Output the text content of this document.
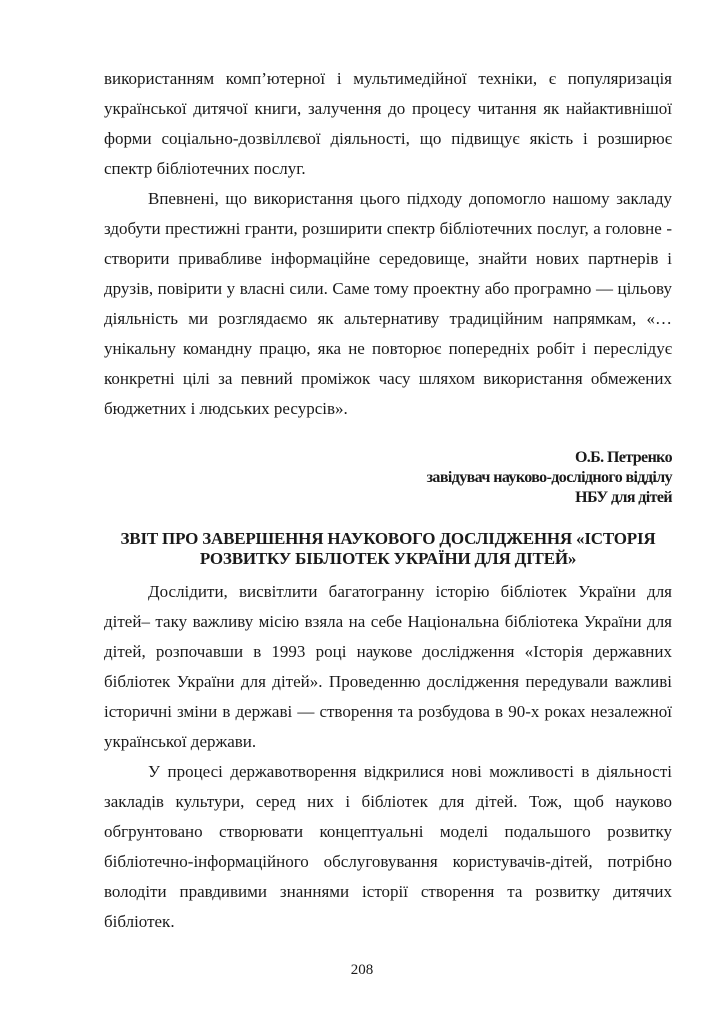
використанням комп’ютерної і мультимедійної техніки, є популяризація української дитячої книги, залучення до процесу читання як найактивнішої форми соціально-дозвіллєвої діяльності, що підвищує якість і розширює спектр бібліотечних послуг.

Впевнені, що використання цього підходу допомогло нашому закладу здобути престижні гранти, розширити спектр бібліотечних послуг, а головне - створити привабливе інформаційне середовище, знайти нових партнерів і друзів, повірити у власні сили. Саме тому проектну або програмно — цільову діяльність ми розглядаємо як альтернативу традиційним напрямкам, «…унікальну командну працю, яка не повторює попередніх робіт і переслідує конкретні цілі за певний проміжок часу шляхом використання обмежених бюджетних і людських ресурсів».

О.Б. Петренко
завідувач науково-дослідного відділу
НБУ для дітей
ЗВІТ ПРО ЗАВЕРШЕННЯ НАУКОВОГО ДОСЛІДЖЕННЯ «ІСТОРІЯ
РОЗВИТКУ БІБЛІОТЕК УКРАЇНИ ДЛЯ ДІТЕЙ»

Дослідити, висвітлити багатогранну історію бібліотек України для дітей– таку важливу місію взяла на себе Національна бібліотека України для дітей, розпочавши в 1993 році наукове дослідження «Історія державних бібліотек України для дітей». Проведенню дослідження передували важливі історичні зміни в державі — створення та розбудова в 90-х роках незалежної української держави.

У процесі державотворення відкрилися нові можливості в діяльності закладів культури, серед них і бібліотек для дітей. Тож, щоб науково обгрунтовано створювати концептуальні моделі подальшого розвитку бібліотечно-інформаційного обслуговування користувачів-дітей, потрібно володіти правдивими знаннями історії створення та розвитку дитячих бібліотек.

208
